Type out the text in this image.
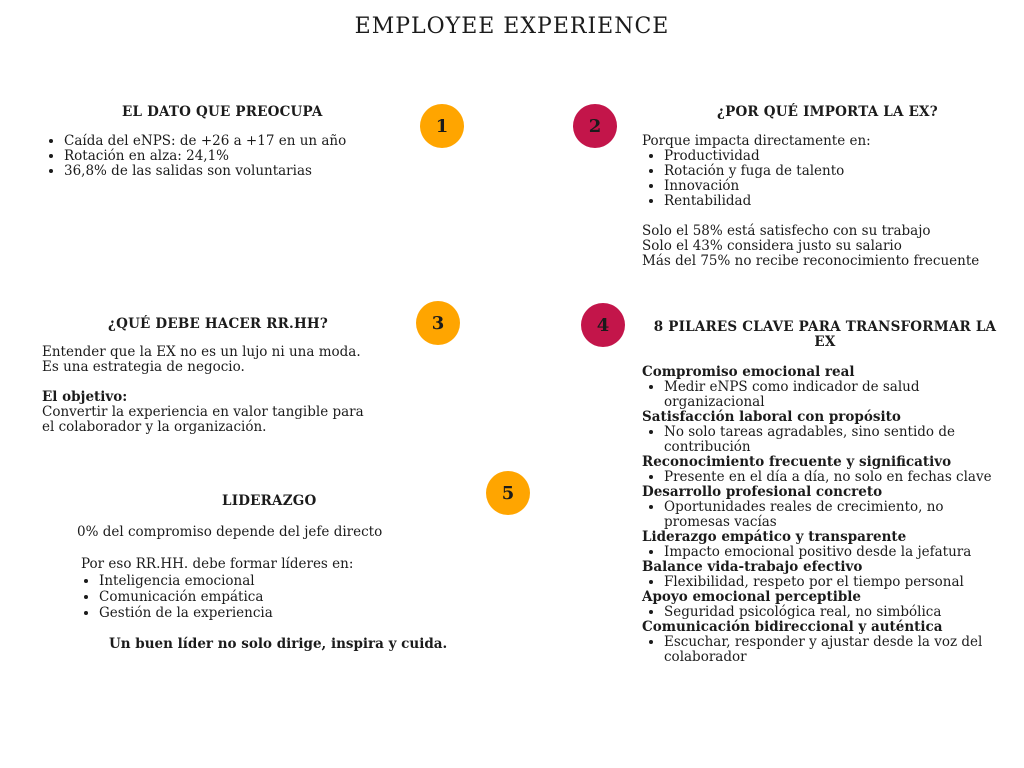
EMPLOYEE EXPERIENCE
EL DATO QUE PREOCUPA
1
• Caída del eNPS: de +26 a +17 en un año
• Rotación en alza: 24,1%
• 36,8% de las salidas son voluntarias
2
¿POR QUÉ IMPORTA LA EX?

Porque impacta directamente en:

• Productividad
• Rotación y fuga de talento
• Innovación
• Rentabilidad

Solo el 58% está satisfecho con su trabajo

Solo el 43% considera justo su salario

Más del 75% no recibe reconocimiento frecuente

¿QUÉ DEBE HACER RR.HH?	3

Entender que la EX no es un lujo ni una moda.

Es una estrategia de negocio.

El objetivo:

Convertir la experiencia en valor tangible para

el colaborador y la organización.

4	8 PILARES CLAVE PARA TRANSFORMAR LA EX
Compromiso emocional real
• Medir eNPS como indicador de salud organizacional
Satisfacción laboral con propósito
• No solo tareas agradables, sino sentido de contribución
Reconocimiento frecuente y significativo
• Presente en el día a día, no solo en fechas clave
Desarrollo profesional concreto
• Oportunidades reales de crecimiento, no promesas vacías
Liderazgo empático y transparente
• Impacto emocional positivo desde la jefatura
Balance vida-trabajo efectivo
• Flexibilidad, respeto por el tiempo personal
Apoyo emocional perceptible
• Seguridad psicológica real, no simbólica
Comunicación bidireccional y auténtica
• Escuchar, responder y ajustar desde la voz del colaborador
5
LIDERAZGO
0% del compromiso depende del jefe directo
Por eso RR.HH. debe formar líderes en:
• Inteligencia emocional
• Comunicación empática
• Gestión de la experiencia
Un buen líder no solo dirige, inspira y cuida.
